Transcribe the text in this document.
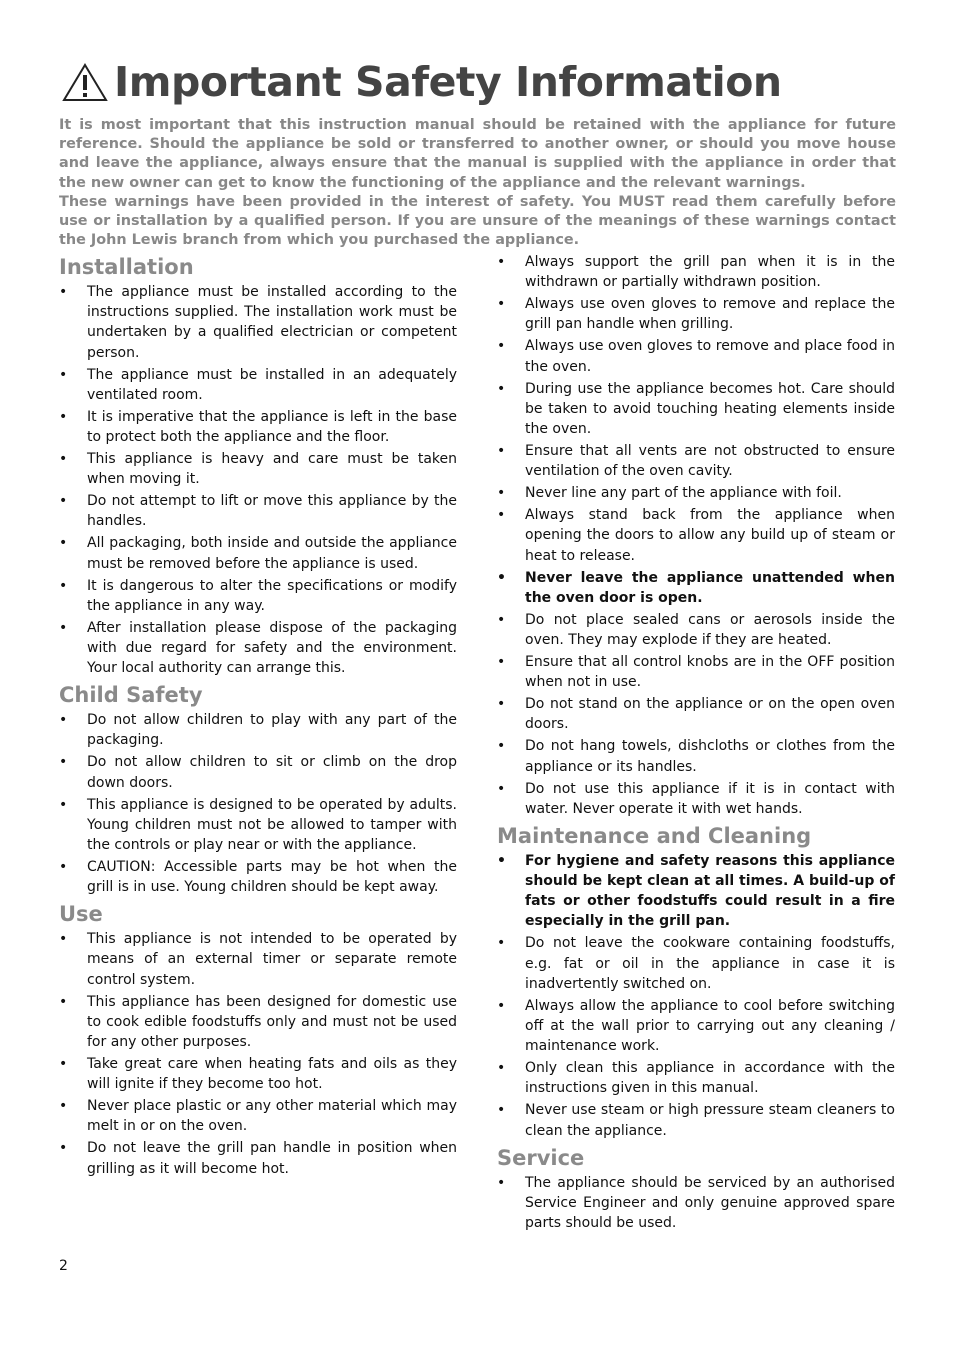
Important Safety Information

It is most important that this instruction manual should be retained with the appliance for future reference. Should the appliance be sold or transferred to another owner, or should you move house and leave the appliance, always ensure that the manual is supplied with the appliance in order that the new owner can get to know the functioning of the appliance and the relevant warnings.

These warnings have been provided in the interest of safety. You MUST read them carefully before use or installation by a qualified person. If you are unsure of the meanings of these warnings contact the John Lewis branch from which you purchased the appliance.

Installation
• The appliance must be installed according to the instructions supplied. The installation work must be undertaken by a qualified electrician or competent person.
• The appliance must be installed in an adequately ventilated room.
• It is imperative that the appliance is left in the base to protect both the appliance and the floor.
• This appliance is heavy and care must be taken when moving it.
• Do not attempt to lift or move this appliance by the handles.
• All packaging, both inside and outside the appliance must be removed before the appliance is used.
• It is dangerous to alter the specifications or modify the appliance in any way.
• After installation please dispose of the packaging with due regard for safety and the environment. Your local authority can arrange this.
Child Safety
• Do not allow children to play with any part of the packaging.
• Do not allow children to sit or climb on the drop down doors.
• This appliance is designed to be operated by adults. Young children must not be allowed to tamper with the controls or play near or with the appliance.
• CAUTION: Accessible parts may be hot when the grill is in use. Young children should be kept away.
Use
• This appliance is not intended to be operated by means of an external timer or separate remote control system.
• This appliance has been designed for domestic use to cook edible foodstuffs only and must not be used for any other purposes.
• Take great care when heating fats and oils as they will ignite if they become too hot.
• Never place plastic or any other material which may melt in or on the oven.
• Do not leave the grill pan handle in position when grilling as it will become hot.
• Always support the grill pan when it is in the withdrawn or partially withdrawn position.
• Always use oven gloves to remove and replace the grill pan handle when grilling.
• Always use oven gloves to remove and place food in the oven.
• During use the appliance becomes hot. Care should be taken to avoid touching heating elements inside the oven.
• Ensure that all vents are not obstructed to ensure ventilation of the oven cavity.
• Never line any part of the appliance with foil.
• Always stand back from the appliance when opening the doors to allow any build up of steam or heat to release.
• Never leave the appliance unattended when the oven door is open.
• Do not place sealed cans or aerosols inside the oven. They may explode if they are heated.
• Ensure that all control knobs are in the OFF position when not in use.
• Do not stand on the appliance or on the open oven doors.
• Do not hang towels, dishcloths or clothes from the appliance or its handles.
• Do not use this appliance if it is in contact with water. Never operate it with wet hands.
Maintenance and Cleaning
• For hygiene and safety reasons this appliance should be kept clean at all times. A build-up of fats or other foodstuffs could result in a fire especially in the grill pan.
• Do not leave the cookware containing foodstuffs, e.g. fat or oil in the appliance in case it is inadvertently switched on.
• Always allow the appliance to cool before switching off at the wall prior to carrying out any cleaning / maintenance work.
• Only clean this appliance in accordance with the instructions given in this manual.
• Never use steam or high pressure steam cleaners to clean the appliance.
Service
• The appliance should be serviced by an authorised Service Engineer and only genuine approved spare parts should be used.
2
